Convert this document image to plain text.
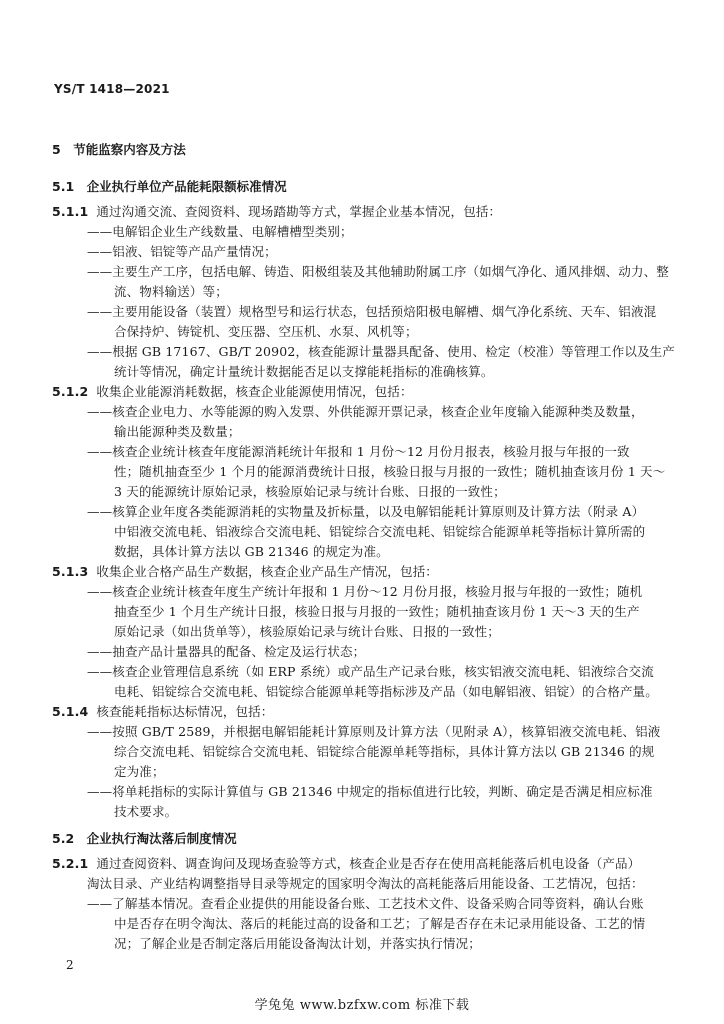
YS/T 1418—2021
5　节能监察内容及方法
5.1　企业执行单位产品能耗限额标准情况
5.1.1 通过沟通交流、查阅资料、现场踏勘等方式，掌握企业基本情况，包括：
——电解铝企业生产线数量、电解槽槽型类别；
——铝液、铝锭等产品产量情况；
——主要生产工序，包括电解、铸造、阳极组装及其他辅助附属工序（如烟气净化、通风排烟、动力、整
流、物料输送）等；
——主要用能设备（装置）规格型号和运行状态，包括预焙阳极电解槽、烟气净化系统、天车、铝液混
合保持炉、铸锭机、变压器、空压机、水泵、风机等；
——根据 GB 17167、GB/T 20902，核查能源计量器具配备、使用、检定（校准）等管理工作以及生产
统计等情况，确定计量统计数据能否足以支撑能耗指标的准确核算。
5.1.2 收集企业能源消耗数据，核查企业能源使用情况，包括：
——核查企业电力、水等能源的购入发票、外供能源开票记录，核查企业年度输入能源种类及数量，
输出能源种类及数量；
——核查企业统计核查年度能源消耗统计年报和 1 月份～12 月份月报表，核验月报与年报的一致
性；随机抽查至少 1 个月的能源消费统计日报，核验日报与月报的一致性；随机抽查该月份 1 天～
3 天的能源统计原始记录，核验原始记录与统计台账、日报的一致性；
——核算企业年度各类能源消耗的实物量及折标量，以及电解铝能耗计算原则及计算方法（附录 A）
中铝液交流电耗、铝液综合交流电耗、铝锭综合交流电耗、铝锭综合能源单耗等指标计算所需的
数据，具体计算方法以 GB 21346 的规定为准。
5.1.3 收集企业合格产品生产数据，核查企业产品生产情况，包括：
——核查企业统计核查年度生产统计年报和 1 月份～12 月份月报，核验月报与年报的一致性；随机
抽查至少 1 个月生产统计日报，核验日报与月报的一致性；随机抽查该月份 1 天～3 天的生产
原始记录（如出货单等），核验原始记录与统计台账、日报的一致性；
——抽查产品计量器具的配备、检定及运行状态；
——核查企业管理信息系统（如 ERP 系统）或产品生产记录台账，核实铝液交流电耗、铝液综合交流
电耗、铝锭综合交流电耗、铝锭综合能源单耗等指标涉及产品（如电解铝液、铝锭）的合格产量。
5.1.4 核查能耗指标达标情况，包括：
——按照 GB/T 2589，并根据电解铝能耗计算原则及计算方法（见附录 A），核算铝液交流电耗、铝液
综合交流电耗、铝锭综合交流电耗、铝锭综合能源单耗等指标，具体计算方法以 GB 21346 的规
定为准；
——将单耗指标的实际计算值与 GB 21346 中规定的指标值进行比较，判断、确定是否满足相应标准
技术要求。
5.2　企业执行淘汰落后制度情况
5.2.1 通过查阅资料、调查询问及现场查验等方式，核查企业是否存在使用高耗能落后机电设备（产品）
淘汰目录、产业结构调整指导目录等规定的国家明令淘汰的高耗能落后用能设备、工艺情况，包括：
——了解基本情况。查看企业提供的用能设备台账、工艺技术文件、设备采购合同等资料，确认台账
中是否存在明令淘汰、落后的耗能过高的设备和工艺；了解是否存在未记录用能设备、工艺的情
况；了解企业是否制定落后用能设备淘汰计划，并落实执行情况；
2
学兔兔 www.bzfxw.com 标准下载
